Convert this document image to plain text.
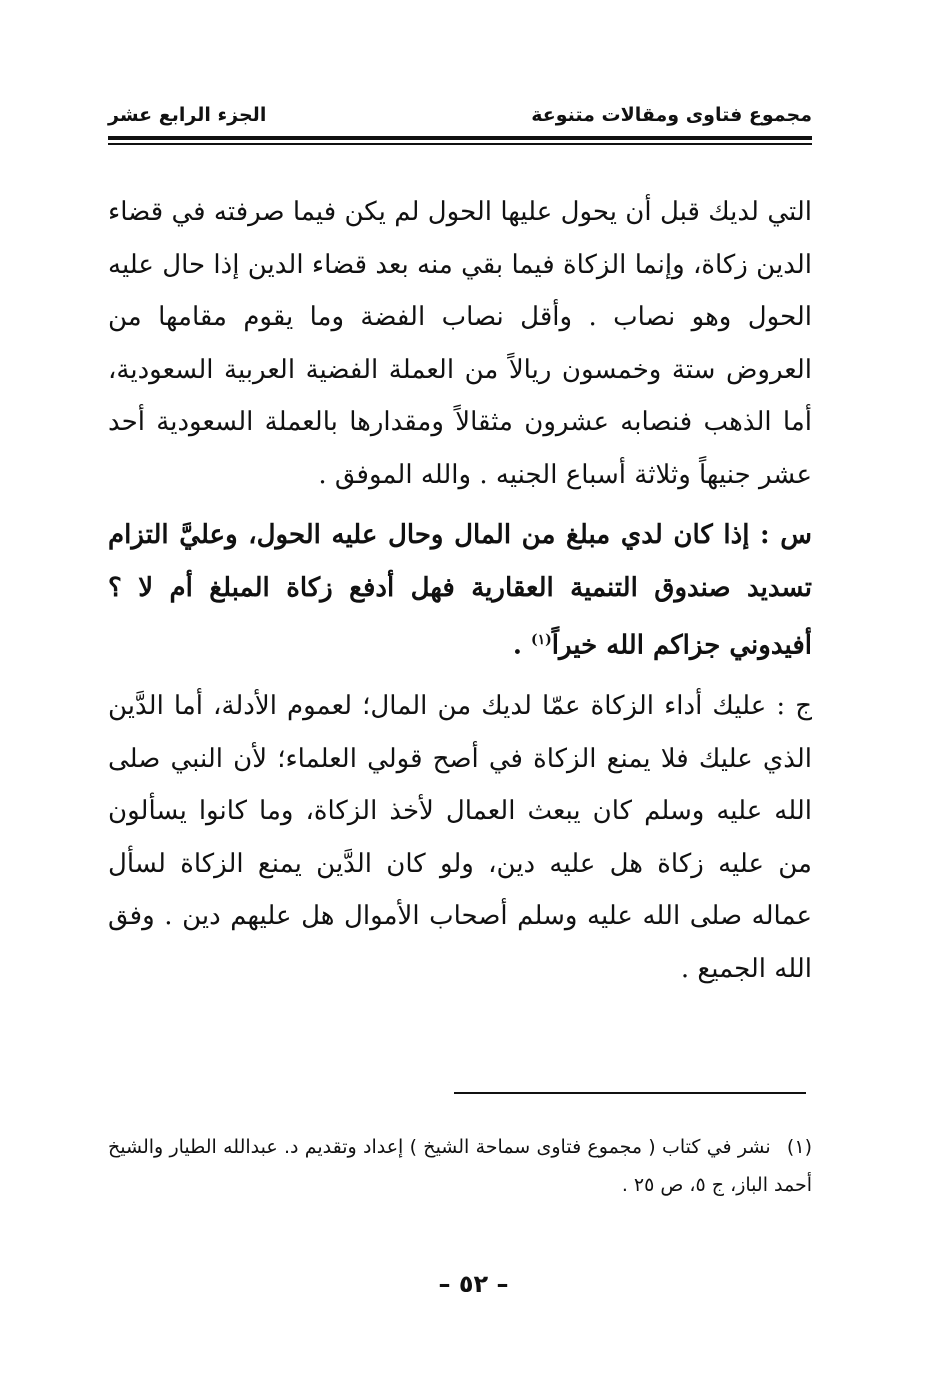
مجموع فتاوى ومقالات متنوعة
الجزء الرابع عشر

التي لديك قبل أن يحول عليها الحول لم يكن فيما صرفته في قضاء الدين زكاة، وإنما الزكاة فيما بقي منه بعد قضاء الدين إذا حال عليه الحول وهو نصاب . وأقل نصاب الفضة وما يقوم مقامها من العروض ستة وخمسون ريالاً من العملة الفضية العربية السعودية، أما الذهب فنصابه عشرون مثقالاً ومقدارها بالعملة السعودية أحد عشر جنيهاً وثلاثة أسباع الجنيه . والله الموفق .

س : إذا كان لدي مبلغ من المال وحال عليه الحول، وعليَّ التزام تسديد صندوق التنمية العقارية فهل أدفع زكاة المبلغ أم لا ؟ أفيدوني جزاكم الله خيراً$^{(١)}$ .

ج : عليك أداء الزكاة عمّا لديك من المال؛ لعموم الأدلة، أما الدَّين الذي عليك فلا يمنع الزكاة في أصح قولي العلماء؛ لأن النبي صلى الله عليه وسلم كان يبعث العمال لأخذ الزكاة، وما كانوا يسألون من عليه زكاة هل عليه دين، ولو كان الدَّين يمنع الزكاة لسأل عماله صلى الله عليه وسلم أصحاب الأموال هل عليهم دين . وفق الله الجميع .

(١) نشر في كتاب ( مجموع فتاوى سماحة الشيخ ) إعداد وتقديم د. عبدالله الطيار والشيخ أحمد الباز، ج ٥، ص ٢٥ .
– ٥٢ –
